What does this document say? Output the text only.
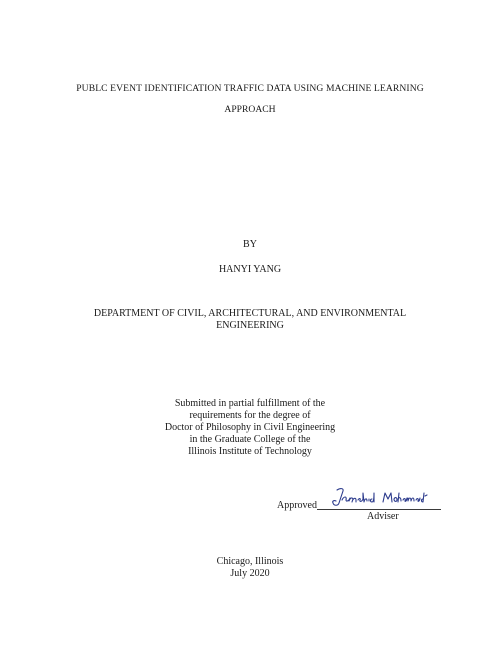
PUBLC EVENT IDENTIFICATION TRAFFIC DATA USING MACHINE LEARNING
APPROACH
BY
HANYI YANG
DEPARTMENT OF CIVIL, ARCHITECTURAL, AND ENVIRONMENTAL
ENGINEERING
Submitted in partial fulfillment of the
requirements for the degree of
Doctor of Philosophy in Civil Engineering
in the Graduate College of the
Illinois Institute of Technology
Approved
Adviser
Chicago, Illinois
July 2020
